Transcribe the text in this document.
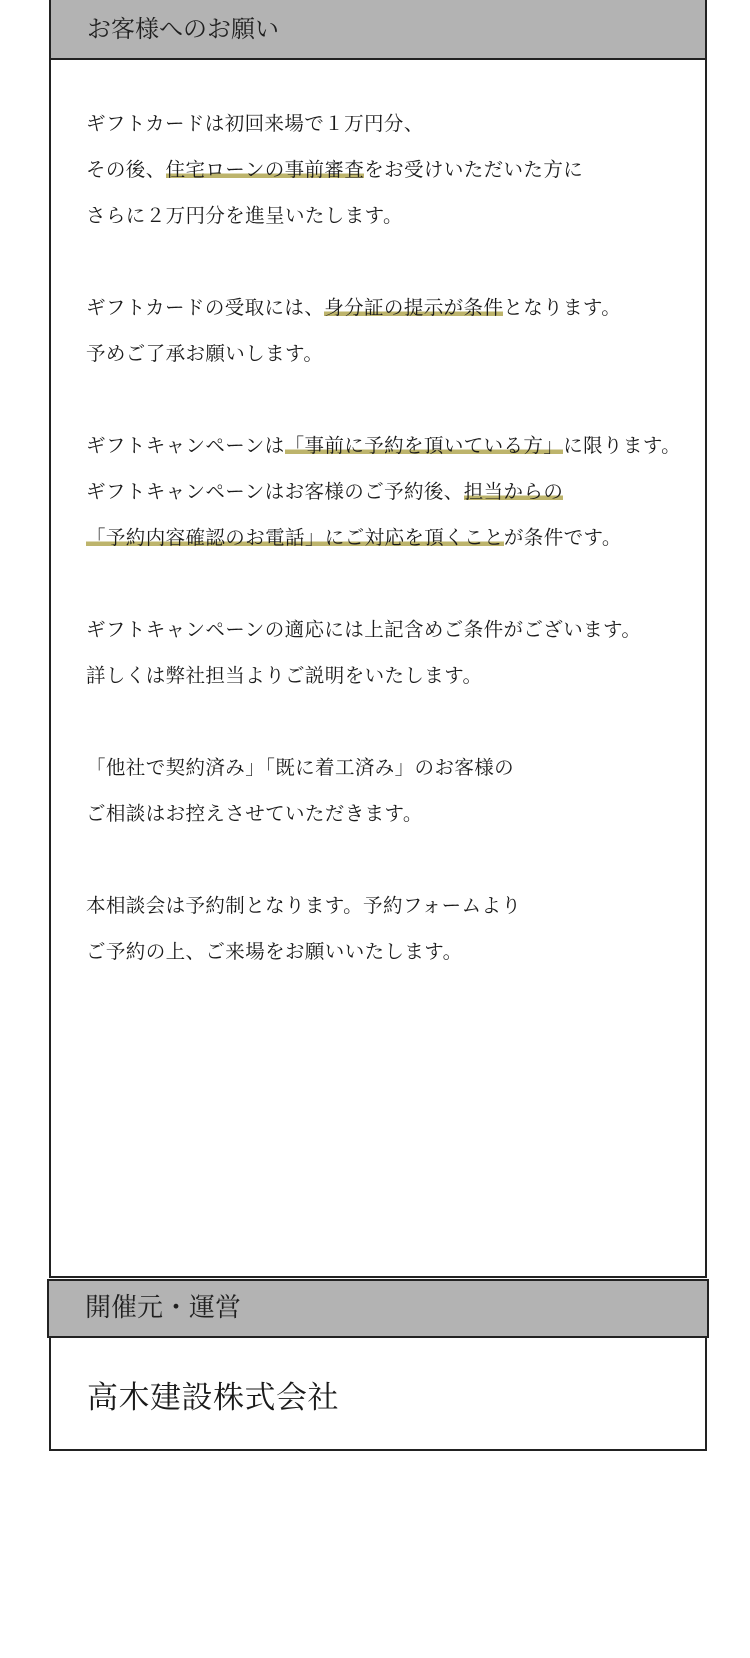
お客様へのお願い
ギフトカードは初回来場で１万円分、
その後、住宅ローンの事前審査をお受けいただいた方に
さらに２万円分を進呈いたします。
ギフトカードの受取には、身分証の提示が条件となります。
予めご了承お願いします。
ギフトキャンペーンは「事前に予約を頂いている方」に限ります。
ギフトキャンペーンはお客様のご予約後、担当からの
「予約内容確認のお電話」にご対応を頂くことが条件です。
ギフトキャンペーンの適応には上記含めご条件がございます。
詳しくは弊社担当よりご説明をいたします。
「他社で契約済み」「既に着工済み」のお客様の
ご相談はお控えさせていただきます。
本相談会は予約制となります。予約フォームより
ご予約の上、ご来場をお願いいたします。
開催元・運営
高木建設株式会社
